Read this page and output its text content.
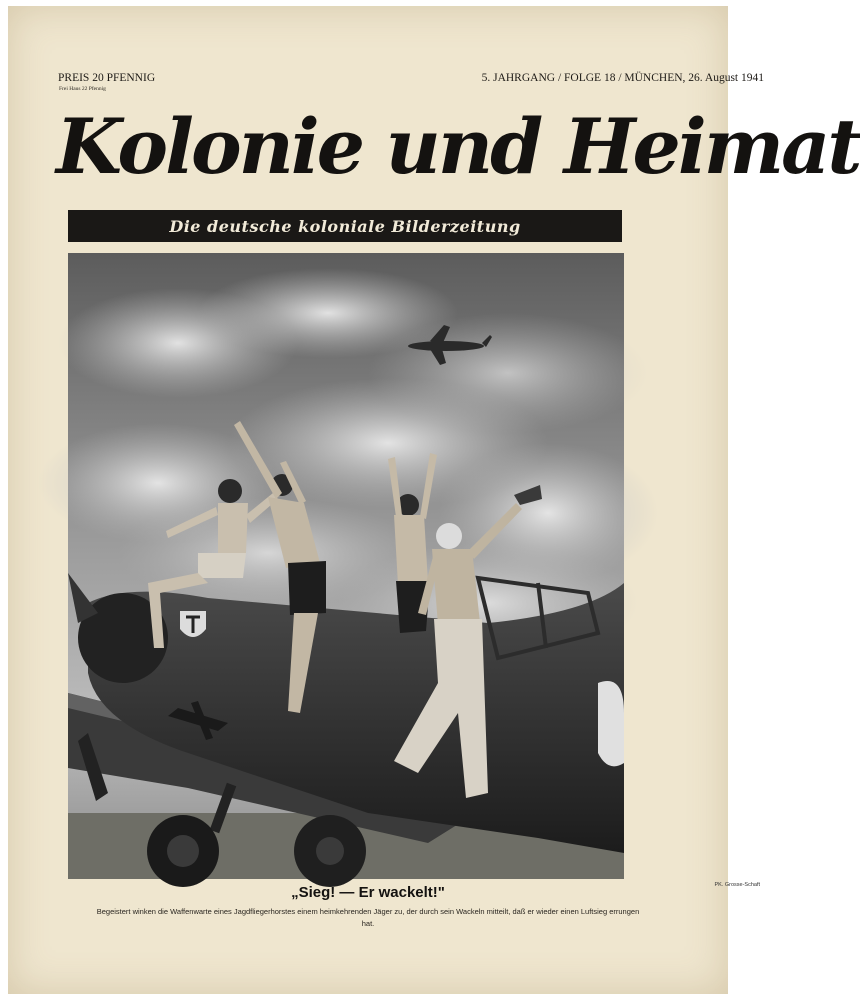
PREIS 20 PFENNIG
Frei Haus 22 Pfennig
5. JAHRGANG / FOLGE 18 / MÜNCHEN, 26. August 1941
Kolonie und Heimat
Die deutsche koloniale Bilderzeitung
PK. Grosse-Schaft
„Sieg! — Er wackelt!"
Begeistert winken die Waffenwarte eines Jagdfliegerhorstes einem heimkehrenden Jäger zu, der durch sein Wackeln mitteilt, daß er wieder einen Luftsieg errungen hat.
